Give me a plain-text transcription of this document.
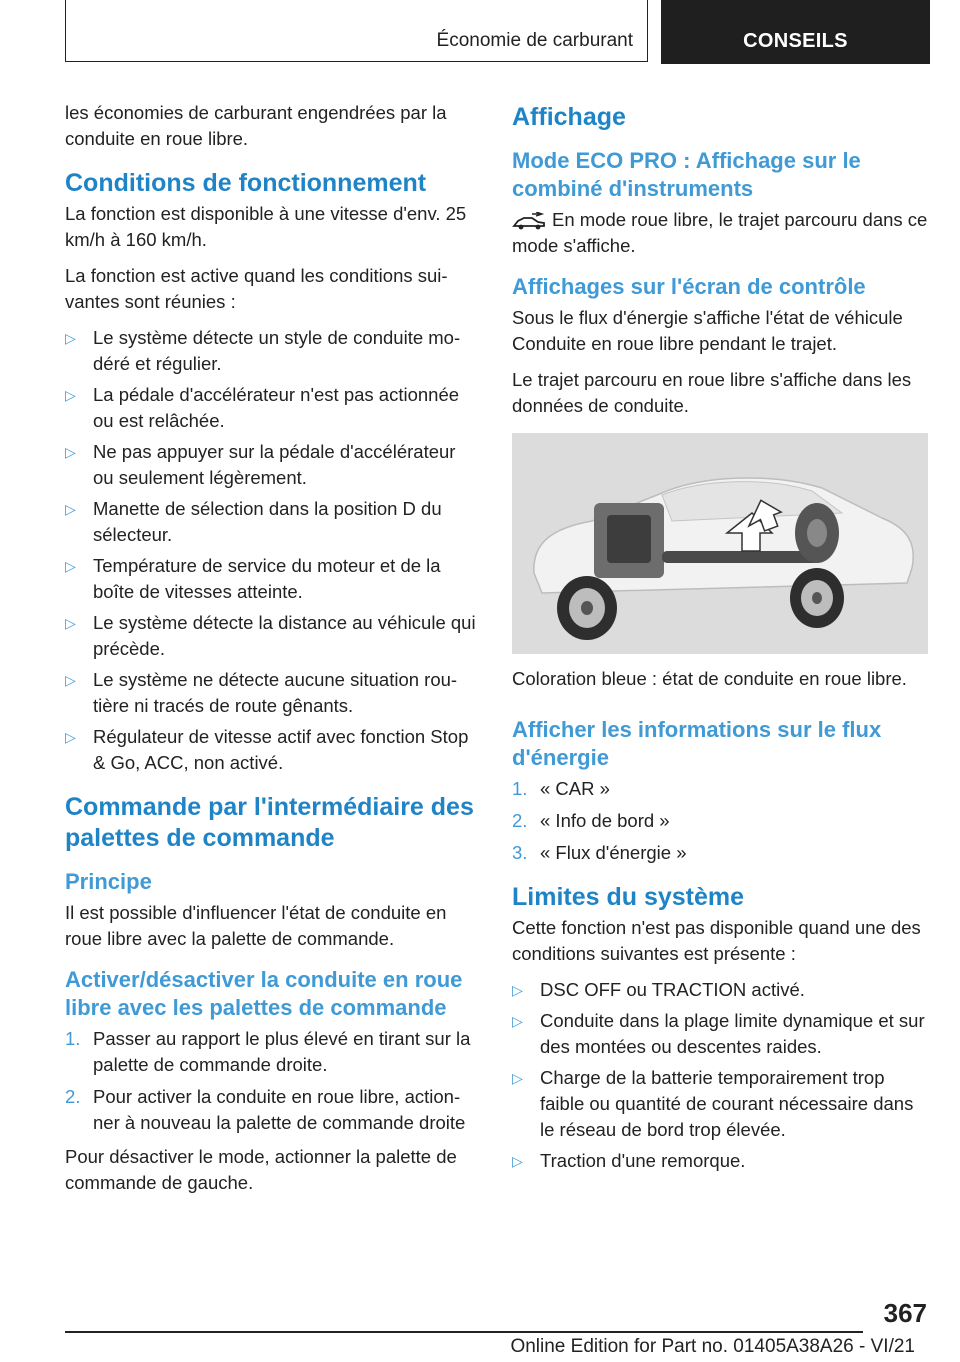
Économie de carburant	CONSEILS

les économies de carburant engendrées par la conduite en roue libre.

Conditions de fonctionnement

La fonction est disponible à une vitesse d'env. 25 km/h à 160 km/h.

La fonction est active quand les conditions suivantes sont réunies :

▷ Le système détecte un style de conduite modéré et régulier.
▷ La pédale d'accélérateur n'est pas actionnée ou est relâchée.
▷ Ne pas appuyer sur la pédale d'accélérateur ou seulement légèrement.
▷ Manette de sélection dans la position D du sélecteur.
▷ Température de service du moteur et de la boîte de vitesses atteinte.
▷ Le système détecte la distance au véhicule qui précède.
▷ Le système ne détecte aucune situation routière ni tracés de route gênants.
▷ Régulateur de vitesse actif avec fonction Stop & Go, ACC, non activé.
Commande par l'intermédiaire des palettes de commande
Principe

Il est possible d'influencer l'état de conduite en roue libre avec la palette de commande.

Activer/désactiver la conduite en roue libre avec les palettes de commande
1. Passer au rapport le plus élevé en tirant sur la palette de commande droite.
2. Pour activer la conduite en roue libre, actionner à nouveau la palette de commande droite

Pour désactiver le mode, actionner la palette de commande de gauche.

Affichage
Mode ECO PRO : Affichage sur le combiné d'instruments

En mode roue libre, le trajet parcouru dans ce mode s'affiche.

Affichages sur l'écran de contrôle

Sous le flux d'énergie s'affiche l'état de véhicule Conduite en roue libre pendant le trajet.

Le trajet parcouru en roue libre s'affiche dans les données de conduite.

Coloration bleue : état de conduite en roue libre.

Afficher les informations sur le flux d'énergie
1. « CAR »
2. « Info de bord »
3. « Flux d'énergie »
Limites du système

Cette fonction n'est pas disponible quand une des conditions suivantes est présente :

▷ DSC OFF ou TRACTION activé.
▷ Conduite dans la plage limite dynamique et sur des montées ou descentes raides.
▷ Charge de la batterie temporairement trop faible ou quantité de courant nécessaire dans le réseau de bord trop élevée.
▷ Traction d'une remorque.
367
Online Edition for Part no. 01405A38A26 - VI/21
